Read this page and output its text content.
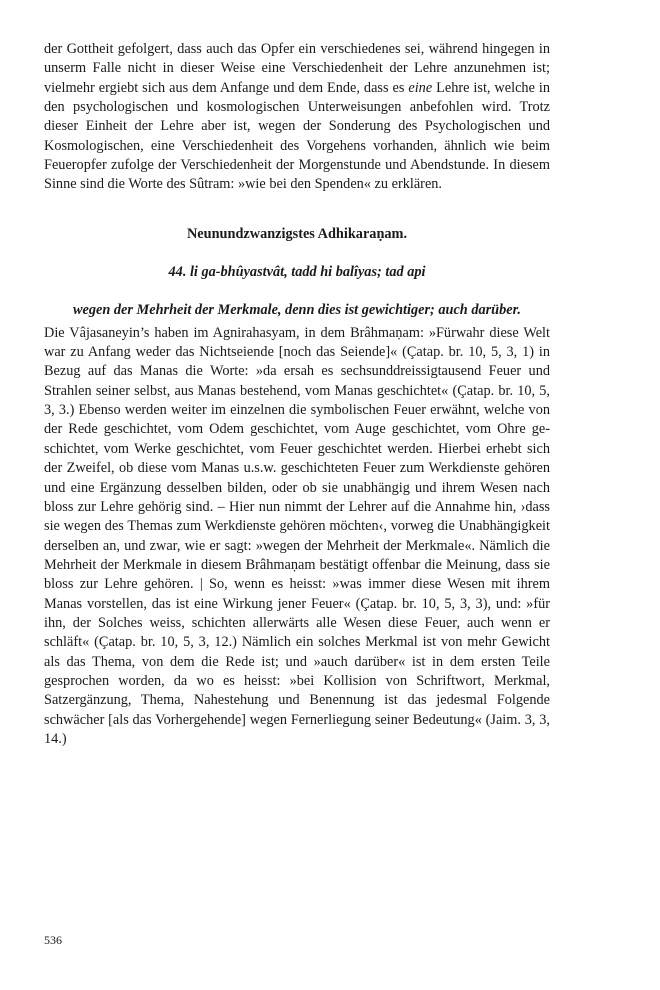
der Gottheit gefolgert, dass auch das Opfer ein verschiedenes sei, während hingegen in unserm Falle nicht in dieser Weise eine Verschiedenheit der Lehre anzunehmen ist; vielmehr ergiebt sich aus dem Anfange und dem Ende, dass es eine Lehre ist, welche in den psychologischen und kosmologischen Unterweisungen anbefohlen wird. Trotz dieser Einheit der Lehre aber ist, wegen der Sonderung des Psychologischen und Kosmologischen, eine Verschiedenheit des Vorgehens vorhanden, ähnlich wie beim Feueropfer zufolge der Verschiedenheit der Morgenstunde und Abendstunde. In diesem Sinne sind die Worte des Sûtram: »wie bei den Spenden« zu erklären.

Neunundzwanzigstes Adhikaraṇam.
44. li ga-bhûyastvât, tadd hi balîyas; tad api
wegen der Mehrheit der Merkmale, denn dies ist gewichtiger; auch darüber.

Die Vâjasaneyin’s haben im Agnirahasyam, in dem Brâhmaṇam: »Fürwahr diese Welt war zu Anfang weder das Nichtseiende [noch das Seiende]« (Çatap. br. 10, 5, 3, 1) in Bezug auf das Manas die Worte: »da ersah es sechsunddreissigtausend Feuer und Strahlen seiner selbst, aus Manas bestehend, vom Manas geschichtet« (Çatap. br. 10, 5, 3, 3.) Ebenso werden weiter im einzelnen die symbolischen Feuer erwähnt, welche von der Rede geschichtet, vom Odem geschichtet, vom Auge geschichtet, vom Ohre geschichtet, vom Werke geschichtet, vom Feuer geschichtet werden. Hierbei erhebt sich der Zweifel, ob diese vom Manas u.s.w. geschichteten Feuer zum Werkdienste gehören und eine Ergänzung desselben bilden, oder ob sie unabhängig und ihrem Wesen nach bloss zur Lehre gehörig sind. – Hier nun nimmt der Lehrer auf die Annahme hin, ›dass sie wegen des Themas zum Werkdienste gehören möchten‹, vorweg die Unabhängigkeit derselben an, und zwar, wie er sagt: »wegen der Mehrheit der Merkmale«. Nämlich die Mehrheit der Merkmale in diesem Brâhmaṇam bestätigt offenbar die Meinung, dass sie bloss zur Lehre gehören. | So, wenn es heisst: »was immer diese Wesen mit ihrem Manas vorstellen, das ist eine Wirkung jener Feuer« (Çatap. br. 10, 5, 3, 3), und: »für ihn, der Solches weiss, schichten allerwärts alle Wesen diese Feuer, auch wenn er schläft« (Çatap. br. 10, 5, 3, 12.) Nämlich ein solches Merkmal ist von mehr Gewicht als das Thema, von dem die Rede ist; und »auch darüber« ist in dem ersten Teile gesprochen worden, da wo es heisst: »bei Kollision von Schriftwort, Merkmal, Satzergänzung, Thema, Nahestehung und Benennung ist das jedesmal Folgende schwächer [als das Vorhergehende] wegen Fernerliegung seiner Bedeutung« (Jaim. 3, 3, 14.)

536
